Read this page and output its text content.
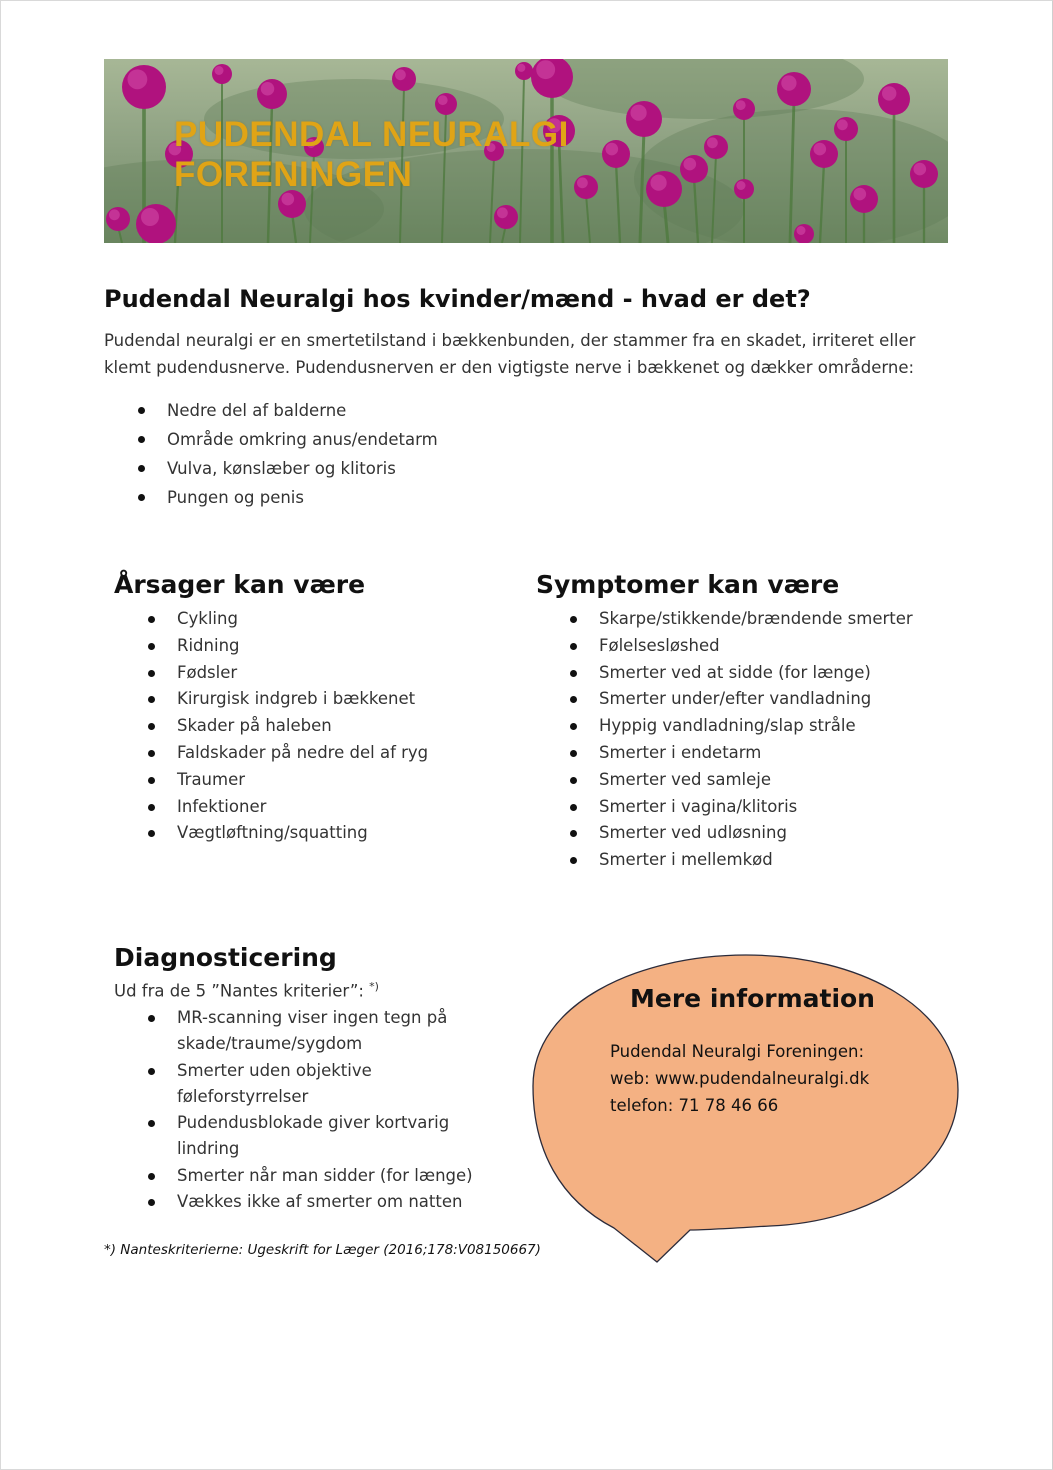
PUDENDAL NEURALGI
FORENINGEN
Pudendal Neuralgi hos kvinder/mænd - hvad er det?
Pudendal neuralgi er en smertetilstand i bækkenbunden, der stammer fra en skadet, irriteret eller klemt pudendusnerve. Pudendusnerven er den vigtigste nerve i bækkenet og dækker områderne:
Nedre del af balderne
Område omkring anus/endetarm
Vulva, kønslæber og klitoris
Pungen og penis
Årsager kan være
Cykling
Ridning
Fødsler
Kirurgisk indgreb i bækkenet
Skader på haleben
Faldskader på nedre del af ryg
Traumer
Infektioner
Vægtløftning/squatting
Symptomer kan være
Skarpe/stikkende/brændende smerter
Følelsesløshed
Smerter ved at sidde (for længe)
Smerter under/efter vandladning
Hyppig vandladning/slap stråle
Smerter i endetarm
Smerter ved samleje
Smerter i vagina/klitoris
Smerter ved udløsning
Smerter i mellemkød
Diagnosticering
Ud fra de 5 ”Nantes kriterier”: *)
MR-scanning viser ingen tegn på skade/traume/sygdom
Smerter uden objektive føleforstyrrelser
Pudendusblokade giver kortvarig lindring
Smerter når man sidder (for længe)
Vækkes ikke af smerter om natten
*) Nanteskriterierne: Ugeskrift for Læger (2016;178:V08150667)
Mere information
Pudendal Neuralgi Foreningen:
web: www.pudendalneuralgi.dk
telefon: 71 78 46 66
